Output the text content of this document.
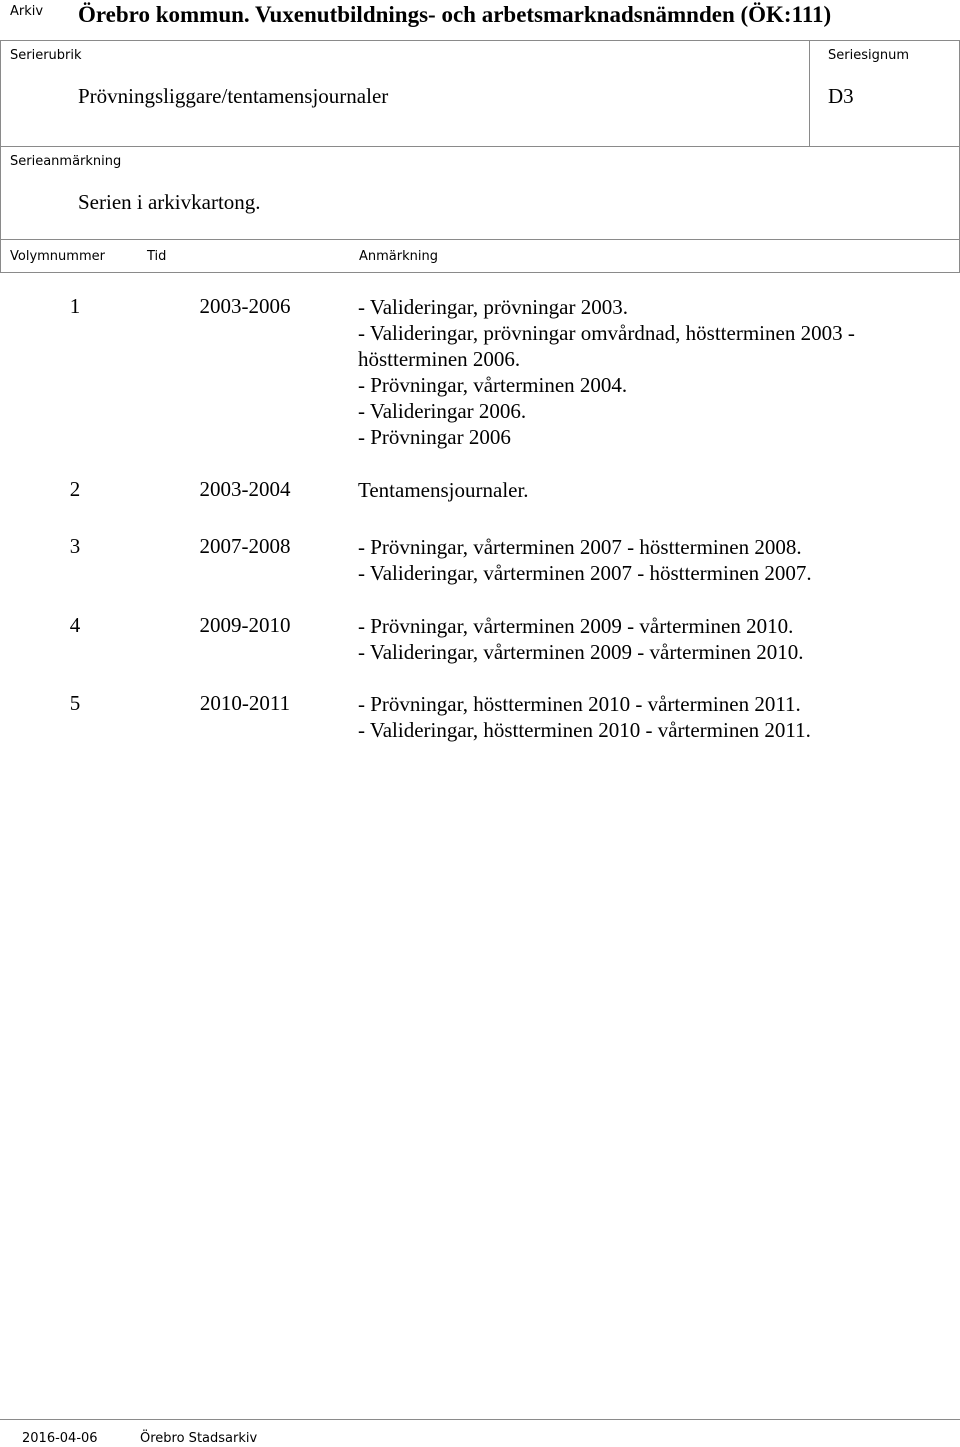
Arkiv Örebro kommun. Vuxenutbildnings- och arbetsmarknadsnämnden (ÖK:111)
Serierubrik
Prövningsliggare/tentamensjournaler
Seriesignum
D3
Serieanmärkning
Serien i arkivkartong.
Volymnummer	Tid	Anmärkning
1	2003-2006	- Valideringar, prövningar 2003.
- Valideringar, prövningar omvårdnad, höstterminen 2003 - höstterminen 2006.
- Prövningar, vårterminen 2004.
- Valideringar 2006.
- Prövningar 2006
2	2003-2004	Tentamensjournaler.
3	2007-2008	- Prövningar, vårterminen 2007 - höstterminen 2008.
- Valideringar, vårterminen 2007 - höstterminen 2007.
4	2009-2010	- Prövningar, vårterminen 2009 - vårterminen 2010.
- Valideringar, vårterminen 2009 - vårterminen 2010.
5	2010-2011	- Prövningar, höstterminen 2010 - vårterminen 2011.
- Valideringar, höstterminen 2010 - vårterminen 2011.
2016-04-06	Örebro Stadsarkiv
